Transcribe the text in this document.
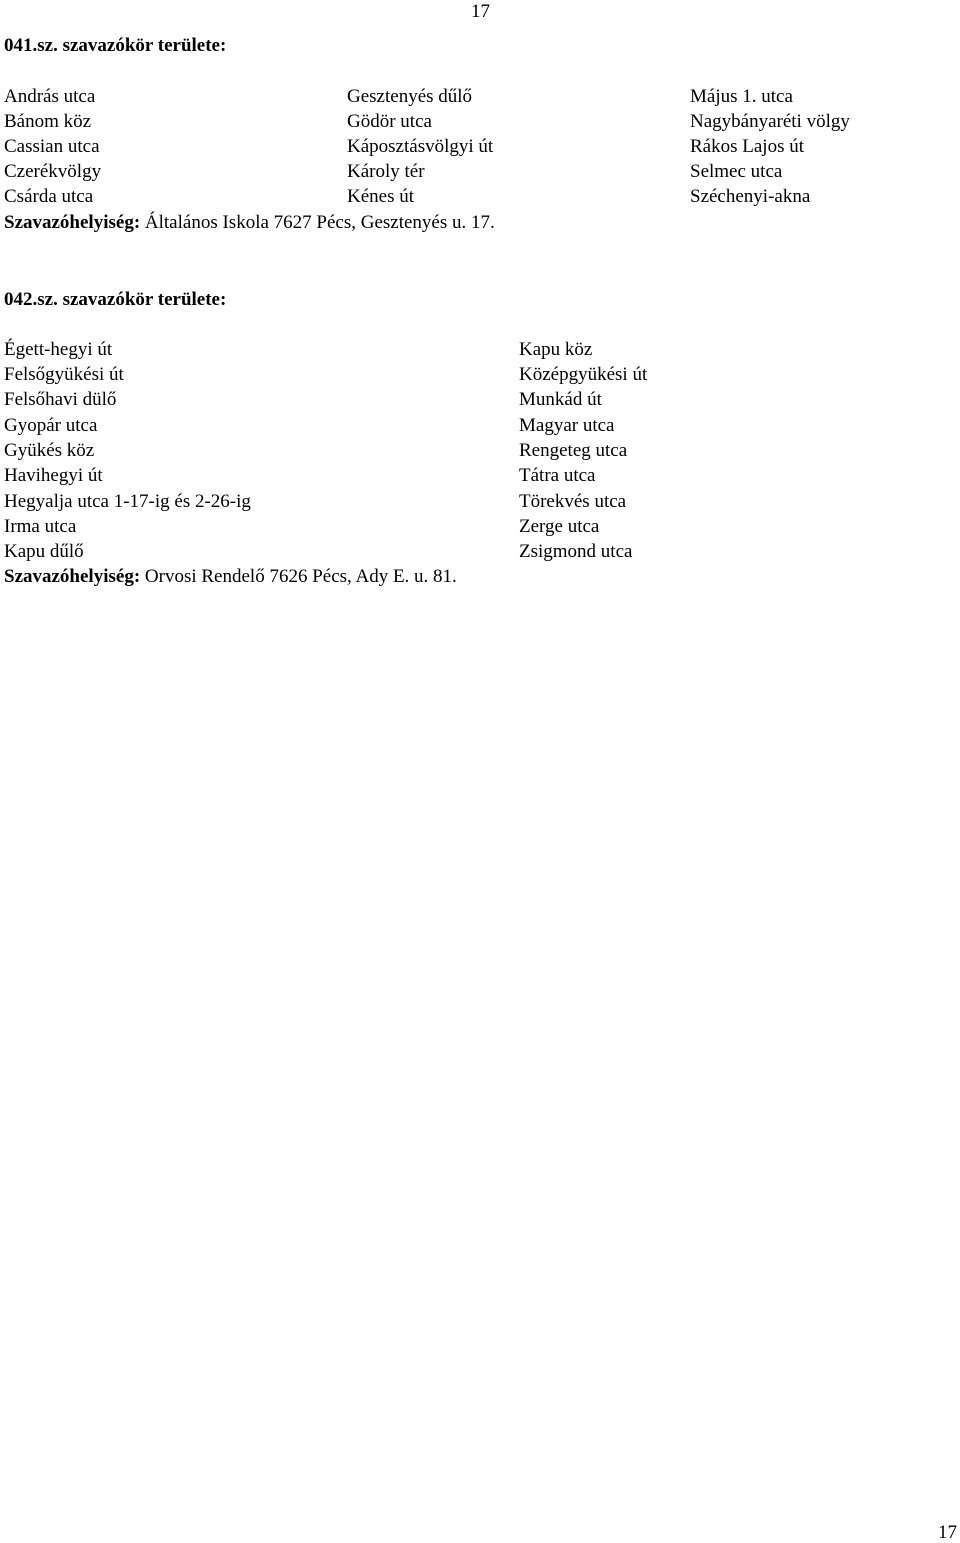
17
041.sz. szavazókör területe:
András utca
Bánom köz
Cassian utca
Czerékvölgy
Csárda utca
Gesztenyés dűlő
Gödör utca
Káposztásvölgyi út
Károly tér
Kénes út
Május 1. utca
Nagybányaréti völgy
Rákos Lajos út
Selmec utca
Széchenyi-akna
Szavazóhelyiség: Általános Iskola 7627 Pécs, Gesztenyés u. 17.
042.sz. szavazókör területe:
Égett-hegyi út
Felsőgyükési út
Felsőhavi dülő
Gyopár utca
Gyükés köz
Havihegyi út
Hegyalja utca 1-17-ig és 2-26-ig
Irma utca
Kapu dűlő
Kapu köz
Középgyükési út
Munkád út
Magyar utca
Rengeteg utca
Tátra utca
Törekvés utca
Zerge utca
Zsigmond utca
Szavazóhelyiség: Orvosi Rendelő 7626 Pécs, Ady E. u. 81.
17
